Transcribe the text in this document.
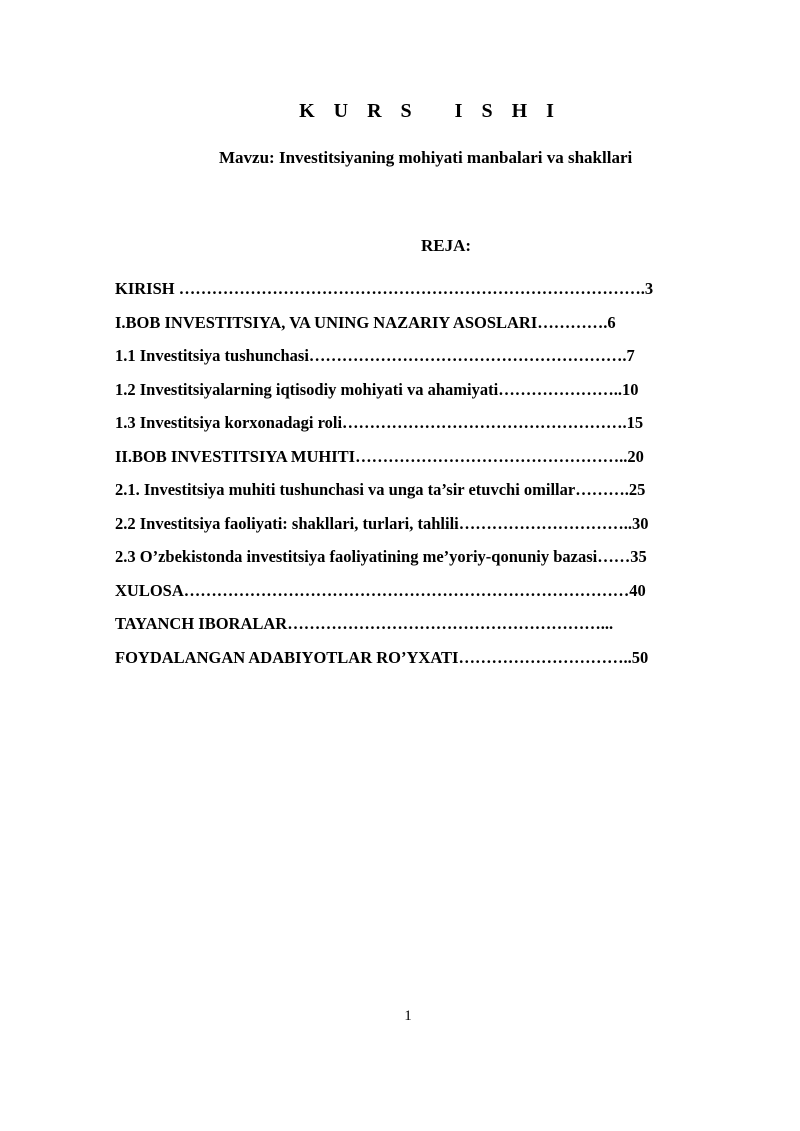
K U R S   I S H I
Mavzu: Investitsiyaning mohiyati manbalari va shakllari
REJA:
KIRISH ………………………………………………………………………….3
I.BOB INVESTITSIYA, VA UNING NAZARIY ASOSLARI………….6
1.1 Investitsiya tushunchasi………………………………………………….7
1.2 Investitsiyalarning iqtisodiy mohiyati va ahamiyati…………………..10
1.3 Investitsiya korxonadagi roli…………………………………………….15
II.BOB INVESTITSIYA MUHITI…………………………………………..20
2.1. Investitsiya muhiti tushunchasi va unga ta’sir etuvchi omillar……….25
2.2 Investitsiya faoliyati: shakllari, turlari, tahlili…………………………..30
2.3 O’zbekistonda investitsiya faoliyatining me’yoriy-qonuniy bazasi……35
XULOSA………………………………………………………………………40
TAYANCH IBORALAR…………………………………………………...
FOYDALANGAN ADABIYOTLAR RO’YXATI…………………………..50
1
